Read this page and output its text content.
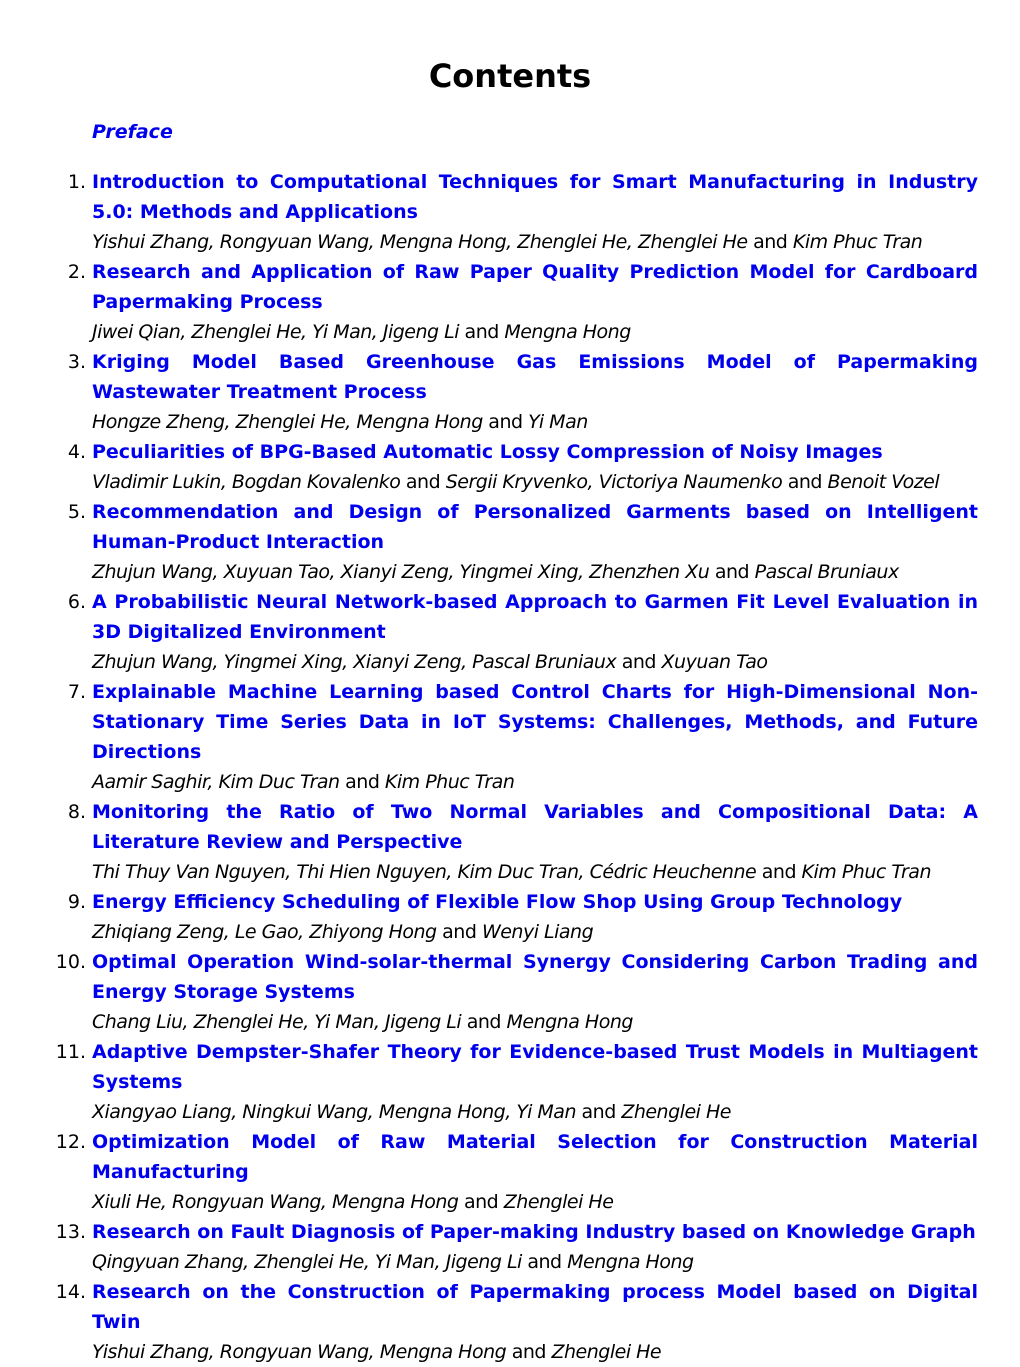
Contents
Preface
1. Introduction to Computational Techniques for Smart Manufacturing in Industry 5.0: Methods and Applications
Yishui Zhang, Rongyuan Wang, Mengna Hong, Zhenglei He, Zhenglei He and Kim Phuc Tran
2. Research and Application of Raw Paper Quality Prediction Model for Cardboard Papermaking Process
Jiwei Qian, Zhenglei He, Yi Man, Jigeng Li and Mengna Hong
3. Kriging Model Based Greenhouse Gas Emissions Model of Papermaking Wastewater Treatment Process
Hongze Zheng, Zhenglei He, Mengna Hong and Yi Man
4. Peculiarities of BPG-Based Automatic Lossy Compression of Noisy Images
Vladimir Lukin, Bogdan Kovalenko and Sergii Kryvenko, Victoriya Naumenko and Benoit Vozel
5. Recommendation and Design of Personalized Garments based on Intelligent Human-Product Interaction
Zhujun Wang, Xuyuan Tao, Xianyi Zeng, Yingmei Xing, Zhenzhen Xu and Pascal Bruniaux
6. A Probabilistic Neural Network-based Approach to Garmen Fit Level Evaluation in 3D Digitalized Environment
Zhujun Wang, Yingmei Xing, Xianyi Zeng, Pascal Bruniaux and Xuyuan Tao
7. Explainable Machine Learning based Control Charts for High-Dimensional Non-Stationary Time Series Data in IoT Systems: Challenges, Methods, and Future Directions
Aamir Saghir, Kim Duc Tran and Kim Phuc Tran
8. Monitoring the Ratio of Two Normal Variables and Compositional Data: A Literature Review and Perspective
Thi Thuy Van Nguyen, Thi Hien Nguyen, Kim Duc Tran, Cédric Heuchenne and Kim Phuc Tran
9. Energy Efficiency Scheduling of Flexible Flow Shop Using Group Technology
Zhiqiang Zeng, Le Gao, Zhiyong Hong and Wenyi Liang
10. Optimal Operation Wind-solar-thermal Synergy Considering Carbon Trading and Energy Storage Systems
Chang Liu, Zhenglei He, Yi Man, Jigeng Li and Mengna Hong
11. Adaptive Dempster-Shafer Theory for Evidence-based Trust Models in Multiagent Systems
Xiangyao Liang, Ningkui Wang, Mengna Hong, Yi Man and Zhenglei He
12. Optimization Model of Raw Material Selection for Construction Material Manufacturing
Xiuli He, Rongyuan Wang, Mengna Hong and Zhenglei He
13. Research on Fault Diagnosis of Paper-making Industry based on Knowledge Graph
Qingyuan Zhang, Zhenglei He, Yi Man, Jigeng Li and Mengna Hong
14. Research on the Construction of Papermaking process Model based on Digital Twin
Yishui Zhang, Rongyuan Wang, Mengna Hong and Zhenglei He
